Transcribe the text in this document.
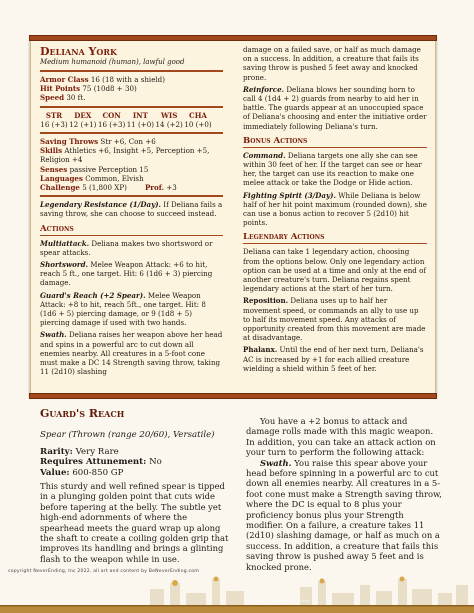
Deliana York
Medium humanoid (human), lawful good
Armor Class 16 (18 with a shield)
Hit Points 75 (10d8 + 30)
Speed 30 ft.
STR	DEX	CON	INT	WIS	CHA
16 (+3) 12 (+1) 16 (+3) 11 (+0) 14 (+2) 10 (+0)
Saving Throws Str +6, Con +6
Skills Athletics +6, Insight +5, Perception +5, Religion +4
Senses passive Perception 15
Languages Common, Elvish
Challenge 5 (1,800 XP)	Prof. +3
Legendary Resistance (1/Day). If Deliana fails a saving throw, she can choose to succeed instead.
Actions
Multiattack. Deliana makes two shortsword or spear attacks.
Shortsword. Melee Weapon Attack: +6 to hit, reach 5 ft., one target. Hit: 6 (1d6 + 3) piercing damage.
Guard's Reach (+2 Spear). Melee Weapon Attack: +8 to hit, reach 5ft., one target. Hit: 8 (1d6 + 5) piercing damage, or 9 (1d8 + 5) piercing damage if used with two hands.
Swath. Deliana raises her weapon above her head and spins in a powerful arc to cut down all enemies nearby. All creatures in a 5-foot cone must make a DC 14 Strength saving throw, taking 11 (2d10) slashing
damage on a failed save, or half as much damage on a success. In addition, a creature that fails its saving throw is pushed 5 feet away and knocked prone.
Reinforce. Deliana blows her sounding horn to call 4 (1d4 + 2) guards from nearby to aid her in battle. The guards appear at an unoccupied space of Deliana's choosing and enter the initiative order immediately following Deliana's turn.
Bonus Actions
Command. Deliana targets one ally she can see within 30 feet of her. If the target can see or hear her, the target can use its reaction to make one melee attack or take the Dodge or Hide action.
Fighting Spirit (3/Day). While Deliana is below half of her hit point maximum (rounded down), she can use a bonus action to recover 5 (2d10) hit points.
Legendary Actions
Deliana can take 1 legendary action, choosing from the options below. Only one legendary action option can be used at a time and only at the end of another creature's turn. Deliana regains spent legendary actions at the start of her turn.
Reposition. Deliana uses up to half her movement speed, or commands an ally to use up to half its movement speed. Any attacks of opportunity created from this movement are made at disadvantage.
Phalanx. Until the end of her next turn, Deliana's AC is increased by +1 for each allied creature wielding a shield within 5 feet of her.
Guard's Reach
Spear (Thrown (range 20/60), Versatile)
Rarity: Very Rare
Requires Attunement: No
Value: 600-850 GP
This sturdy and well refined spear is tipped in a plunging golden point that cuts wide before tapering at the belly. The subtle yet high-end adornments of where the spearhead meets the guard wrap up along the shaft to create a coiling golden grip that improves its handling and brings a glinting flash to the weapon while in use.
You have a +2 bonus to attack and damage rolls made with this magic weapon. In addition, you can take an attack action on your turn to perform the following attack:
Swath. You raise this spear above your head before spinning in a powerful arc to cut down all enemies nearby. All creatures in a 5-foot cone must make a Strength saving throw, where the DC is equal to 8 plus your proficiency bonus plus your Strength modifier. On a failure, a creature takes 11 (2d10) slashing damage, or half as much on a success. In addition, a creature that fails this saving throw is pushed away 5 feet and is knocked prone.
copyright NeverEnding, Inc 2022. all art and content by BeNeverEnding.com
Anansi's Tapestry of Lives
